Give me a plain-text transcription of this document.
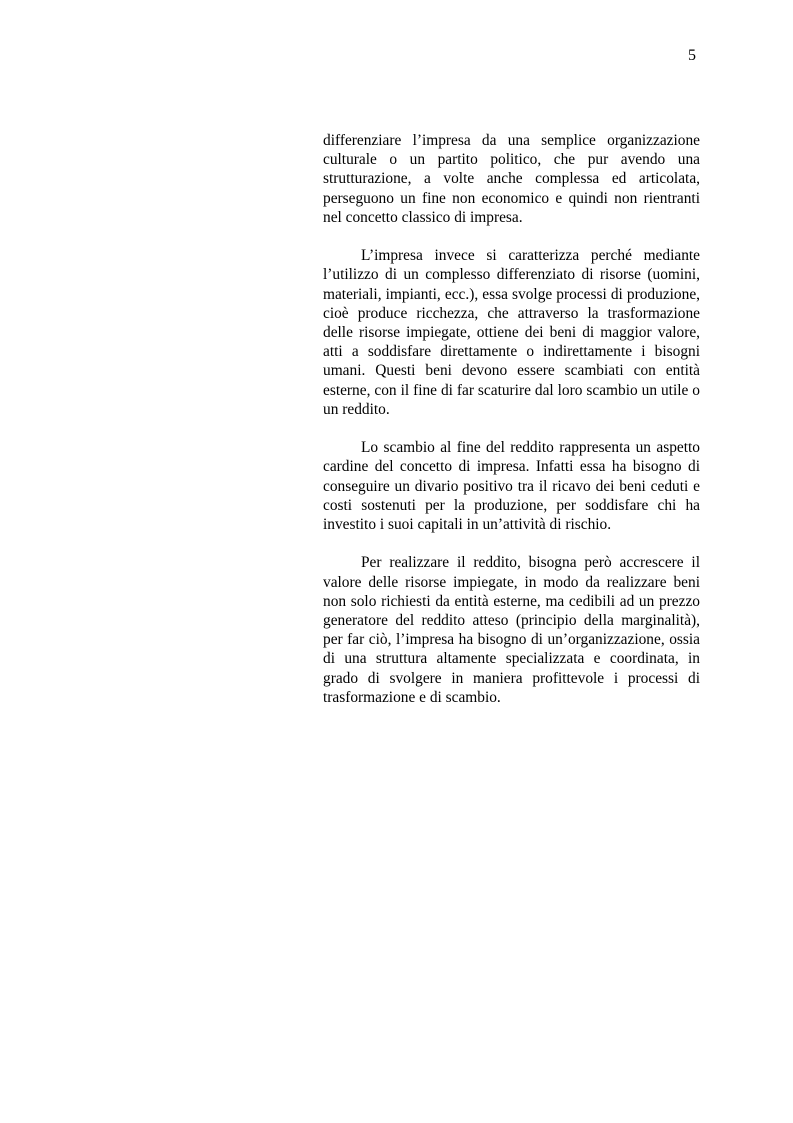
5

differenziare l’impresa da una semplice organizzazione culturale o un partito politico, che pur avendo una strutturazione, a volte anche complessa ed articolata, perseguono un fine non economico e quindi non rientranti nel concetto classico di impresa.

L’impresa invece si caratterizza perché mediante l’utilizzo di un complesso differenziato di risorse (uomini, materiali, impianti, ecc.), essa svolge processi di produzione, cioè produce ricchezza, che attraverso la trasformazione delle risorse impiegate, ottiene dei beni di maggior valore, atti a soddisfare direttamente o indirettamente i bisogni umani. Questi beni devono essere scambiati con entità esterne, con il fine di far scaturire dal loro scambio un utile o un reddito.

Lo scambio al fine del reddito rappresenta un aspetto cardine del concetto di impresa. Infatti essa ha bisogno di conseguire un divario positivo tra il ricavo dei beni ceduti e costi sostenuti per la produzione, per soddisfare chi ha investito i suoi capitali in un’attività di rischio.

Per realizzare il reddito, bisogna però accrescere il valore delle risorse impiegate, in modo da realizzare beni non solo richiesti da entità esterne, ma cedibili ad un prezzo generatore del reddito atteso (principio della marginalità), per far ciò, l’impresa ha bisogno di un’organizzazione, ossia di una struttura altamente specializzata e coordinata, in grado di svolgere in maniera profittevole i processi di trasformazione e di scambio.
